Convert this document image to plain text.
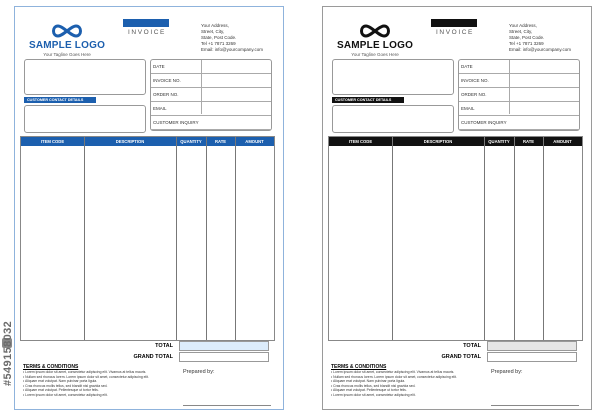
SAMPLE LOGO
Your Tagline Goes Here
INVOICE
Your Address,
Street, City,
State, Post Code.
Tel +1 7871 3269
Email: info@yourcompany.com
CUSTOMER CONTACT DETAILS
DATE
INVOICE NO.
ORDER NO.
EMAIL
CUSTOMER INQUIRY
ITEM CODE	DESCRIPTION	QUANTITY	RATE	AMOUNT
TOTAL
GRAND TOTAL
TERMS & CONDITIONS
• Lorem ipsum dolor sit amet, consectetur adipiscing elit. Vivamus at tellus mauris.
• Nullam sed rhoncus lorem. Lorem ipsum dolor sit amet, consectetur adipiscing elit.
• Aliquam erat volutpat. Nam pulvinar porta ligula.
• Cras rhoncus mollis tellus, sed blandit nisl gravida sed.
• Aliquam erat volutpat. Pellentesque ut tortor felis.
• Lorem ipsum dolor sit amet, consectetur adipiscing elit.
Prepared by:
SAMPLE LOGO
Your Tagline Goes Here
INVOICE
Your Address,
Street, City,
State, Post Code.
Tel +1 7871 3269
Email: info@yourcompany.com
CUSTOMER CONTACT DETAILS
DATE
INVOICE NO.
ORDER NO.
EMAIL
CUSTOMER INQUIRY
ITEM CODE	DESCRIPTION	QUANTITY	RATE	AMOUNT
TOTAL
GRAND TOTAL
TERMS & CONDITIONS
• Lorem ipsum dolor sit amet, consectetur adipiscing elit. Vivamus at tellus mauris.
• Nullam sed rhoncus lorem. Lorem ipsum dolor sit amet, consectetur adipiscing elit.
• Aliquam erat volutpat. Nam pulvinar porta ligula.
• Cras rhoncus mollis tellus, sed blandit nisl gravida sed.
• Aliquam erat volutpat. Pellentesque ut tortor felis.
• Lorem ipsum dolor sit amet, consectetur adipiscing elit.
Prepared by:
#549158032
